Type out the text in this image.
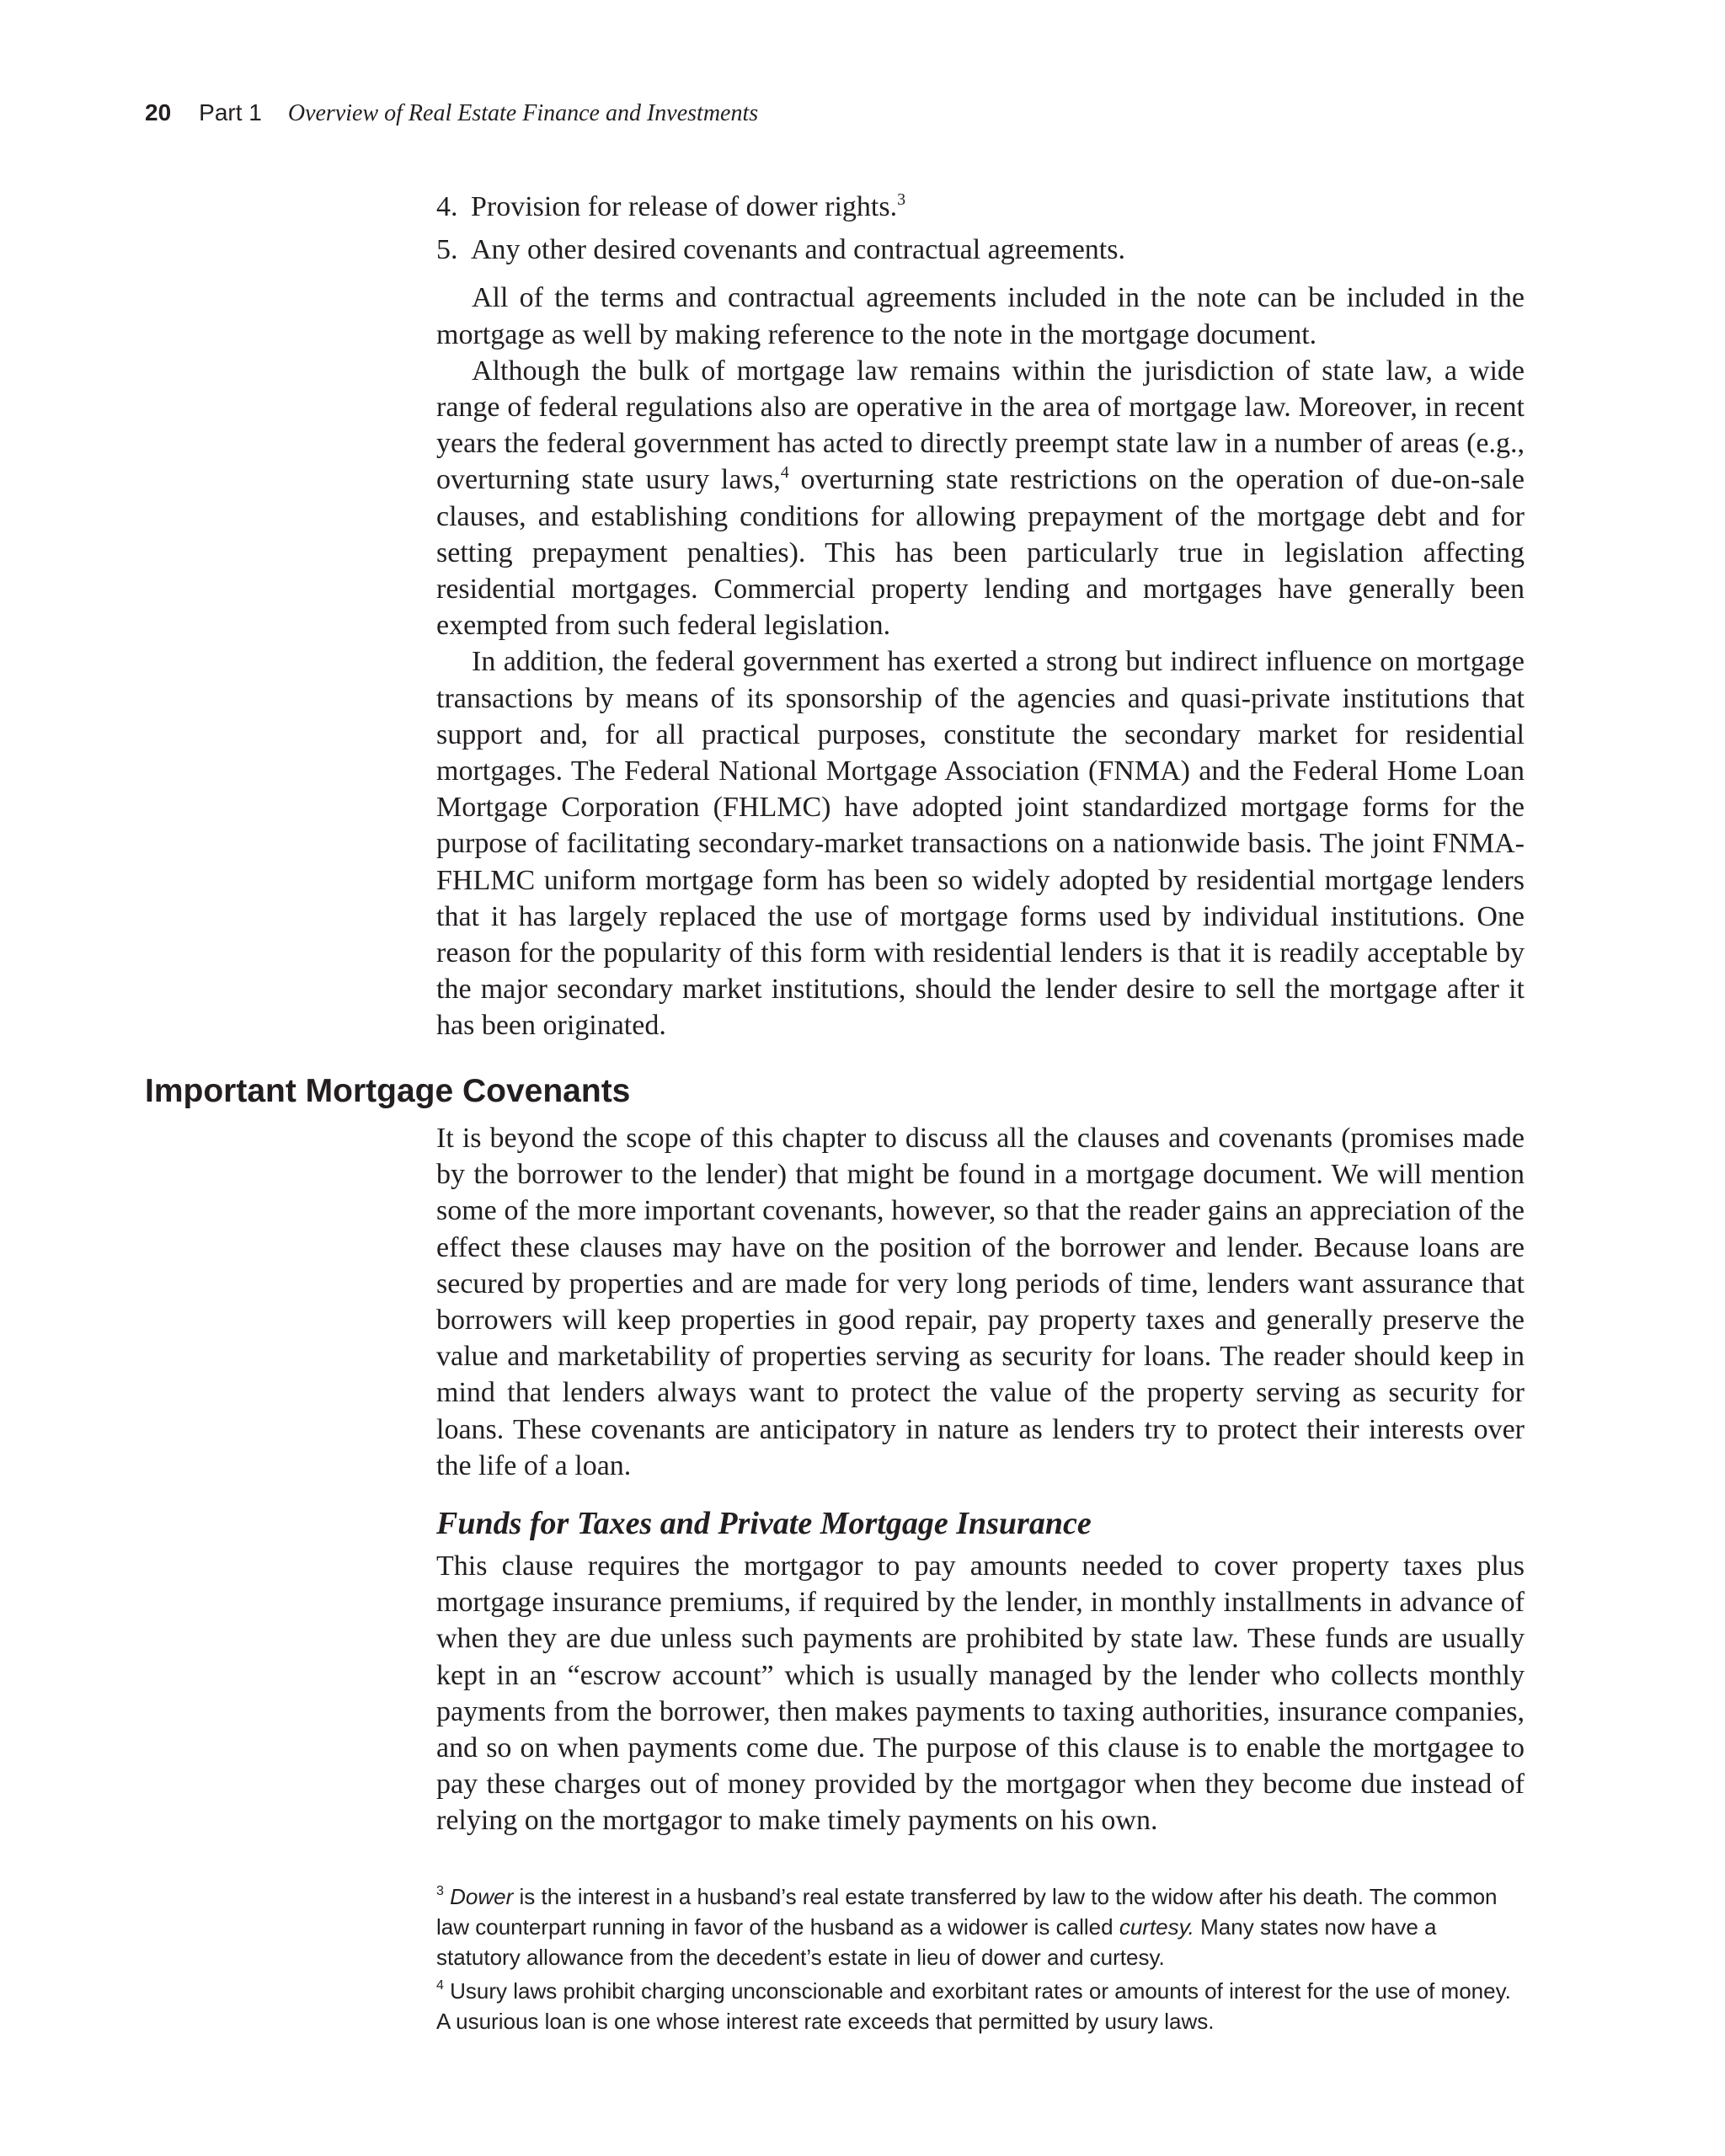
20 Part 1 Overview of Real Estate Finance and Investments
4. Provision for release of dower rights.$^3$
5. Any other desired covenants and contractual agreements.

All of the terms and contractual agreements included in the note can be included in the mortgage as well by making reference to the note in the mortgage document.

Although the bulk of mortgage law remains within the jurisdiction of state law, a wide range of federal regulations also are operative in the area of mortgage law. Moreover, in recent years the federal government has acted to directly preempt state law in a number of areas (e.g., overturning state usury laws,$^4$ overturning state restrictions on the operation of due-on-sale clauses, and establishing conditions for allowing prepayment of the mortgage debt and for setting prepayment penalties). This has been particularly true in legislation affecting residential mortgages. Commercial property lending and mortgages have generally been exempted from such federal legislation.

In addition, the federal government has exerted a strong but indirect influence on mortgage transactions by means of its sponsorship of the agencies and quasi-private institutions that support and, for all practical purposes, constitute the secondary market for residential mortgages. The Federal National Mortgage Association (FNMA) and the Federal Home Loan Mortgage Corporation (FHLMC) have adopted joint standardized mortgage forms for the purpose of facilitating secondary-market transactions on a nationwide basis. The joint FNMA-FHLMC uniform mortgage form has been so widely adopted by residential mortgage lenders that it has largely replaced the use of mortgage forms used by individual institutions. One reason for the popularity of this form with residential lenders is that it is readily acceptable by the major secondary market institutions, should the lender desire to sell the mortgage after it has been originated.

Important Mortgage Covenants

It is beyond the scope of this chapter to discuss all the clauses and covenants (promises made by the borrower to the lender) that might be found in a mortgage document. We will mention some of the more important covenants, however, so that the reader gains an appreciation of the effect these clauses may have on the position of the borrower and lender. Because loans are secured by properties and are made for very long periods of time, lenders want assurance that borrowers will keep properties in good repair, pay property taxes and generally preserve the value and marketability of properties serving as security for loans. The reader should keep in mind that lenders always want to protect the value of the property serving as security for loans. These covenants are anticipatory in nature as lenders try to protect their interests over the life of a loan.

Funds for Taxes and Private Mortgage Insurance

This clause requires the mortgagor to pay amounts needed to cover property taxes plus mortgage insurance premiums, if required by the lender, in monthly installments in advance of when they are due unless such payments are prohibited by state law. These funds are usually kept in an “escrow account” which is usually managed by the lender who collects monthly payments from the borrower, then makes payments to taxing authorities, insurance companies, and so on when payments come due. The purpose of this clause is to enable the mortgagee to pay these charges out of money provided by the mortgagor when they become due instead of relying on the mortgagor to make timely payments on his own.

$^3$ Dower is the interest in a husband’s real estate transferred by law to the widow after his death. The common law counterpart running in favor of the husband as a widower is called curtesy. Many states now have a statutory allowance from the decedent’s estate in lieu of dower and curtesy.

$^4$ Usury laws prohibit charging unconscionable and exorbitant rates or amounts of interest for the use of money. A usurious loan is one whose interest rate exceeds that permitted by usury laws.
